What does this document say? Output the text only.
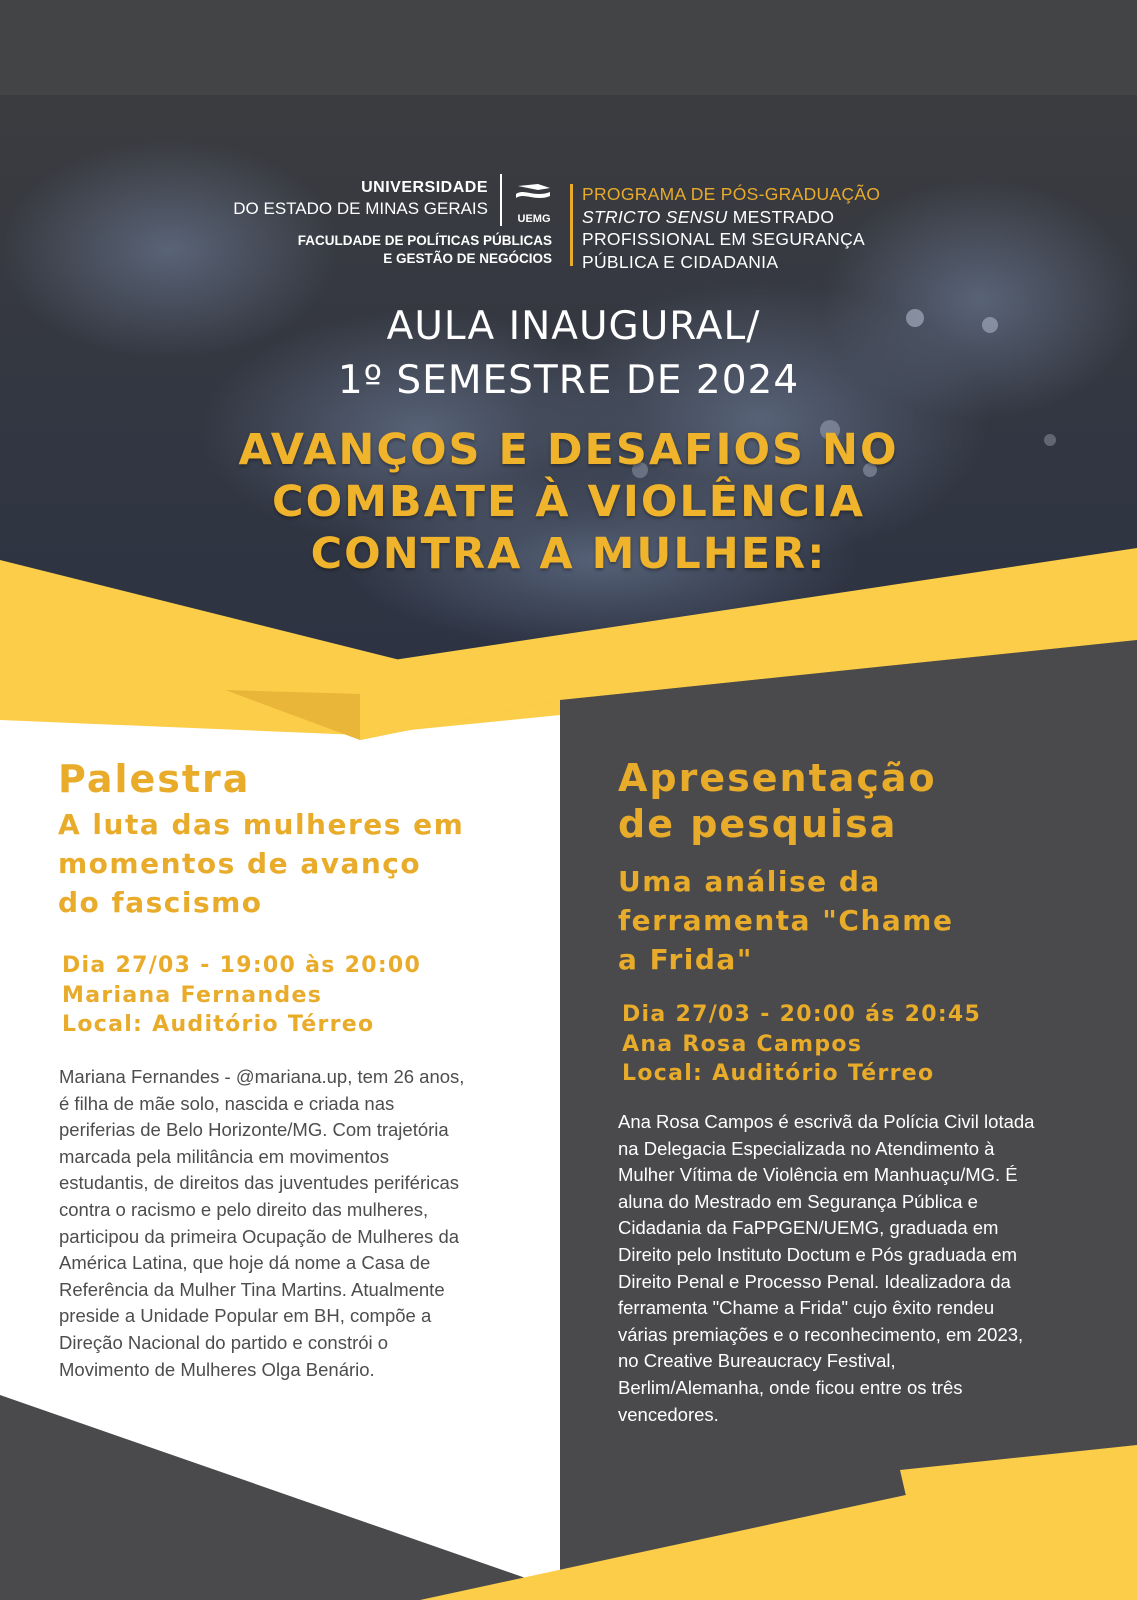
UNIVERSIDADE
DO ESTADO DE MINAS GERAIS
FACULDADE DE POLÍTICAS PÚBLICAS
E GESTÃO DE NEGÓCIOS
UEMG
PROGRAMA DE PÓS-GRADUAÇÃO
STRICTO SENSU MESTRADO
PROFISSIONAL EM SEGURANÇA
PÚBLICA E CIDADANIA
AULA INAUGURAL/
1º SEMESTRE DE 2024
AVANÇOS E DESAFIOS NO
COMBATE À VIOLÊNCIA
CONTRA A MULHER:
Palestra
A luta das mulheres em
momentos de avanço
do fascismo
Dia 27/03 - 19:00 às 20:00
Mariana Fernandes
Local: Auditório Térreo
Mariana Fernandes - @mariana.up, tem 26 anos,
é filha de mãe solo, nascida e criada nas
periferias de Belo Horizonte/MG. Com trajetória
marcada pela militância em movimentos
estudantis, de direitos das juventudes periféricas
contra o racismo e pelo direito das mulheres,
participou da primeira Ocupação de Mulheres da
América Latina, que hoje dá nome a Casa de
Referência da Mulher Tina Martins. Atualmente
preside a Unidade Popular em BH, compõe a
Direção Nacional do partido e constrói o
Movimento de Mulheres Olga Benário.
Apresentação
de pesquisa
Uma análise da
ferramenta "Chame
a Frida"
Dia 27/03 - 20:00 ás 20:45
Ana Rosa Campos
Local: Auditório Térreo
Ana Rosa Campos é escrivã da Polícia Civil lotada
na Delegacia Especializada no Atendimento à
Mulher Vítima de Violência em Manhuaçu/MG. É
aluna do Mestrado em Segurança Pública e
Cidadania da FaPPGEN/UEMG, graduada em
Direito pelo Instituto Doctum e Pós graduada em
Direito Penal e Processo Penal. Idealizadora da
ferramenta "Chame a Frida" cujo êxito rendeu
várias premiações e o reconhecimento, em 2023,
no Creative Bureaucracy Festival,
Berlim/Alemanha, onde ficou entre os três
vencedores.
